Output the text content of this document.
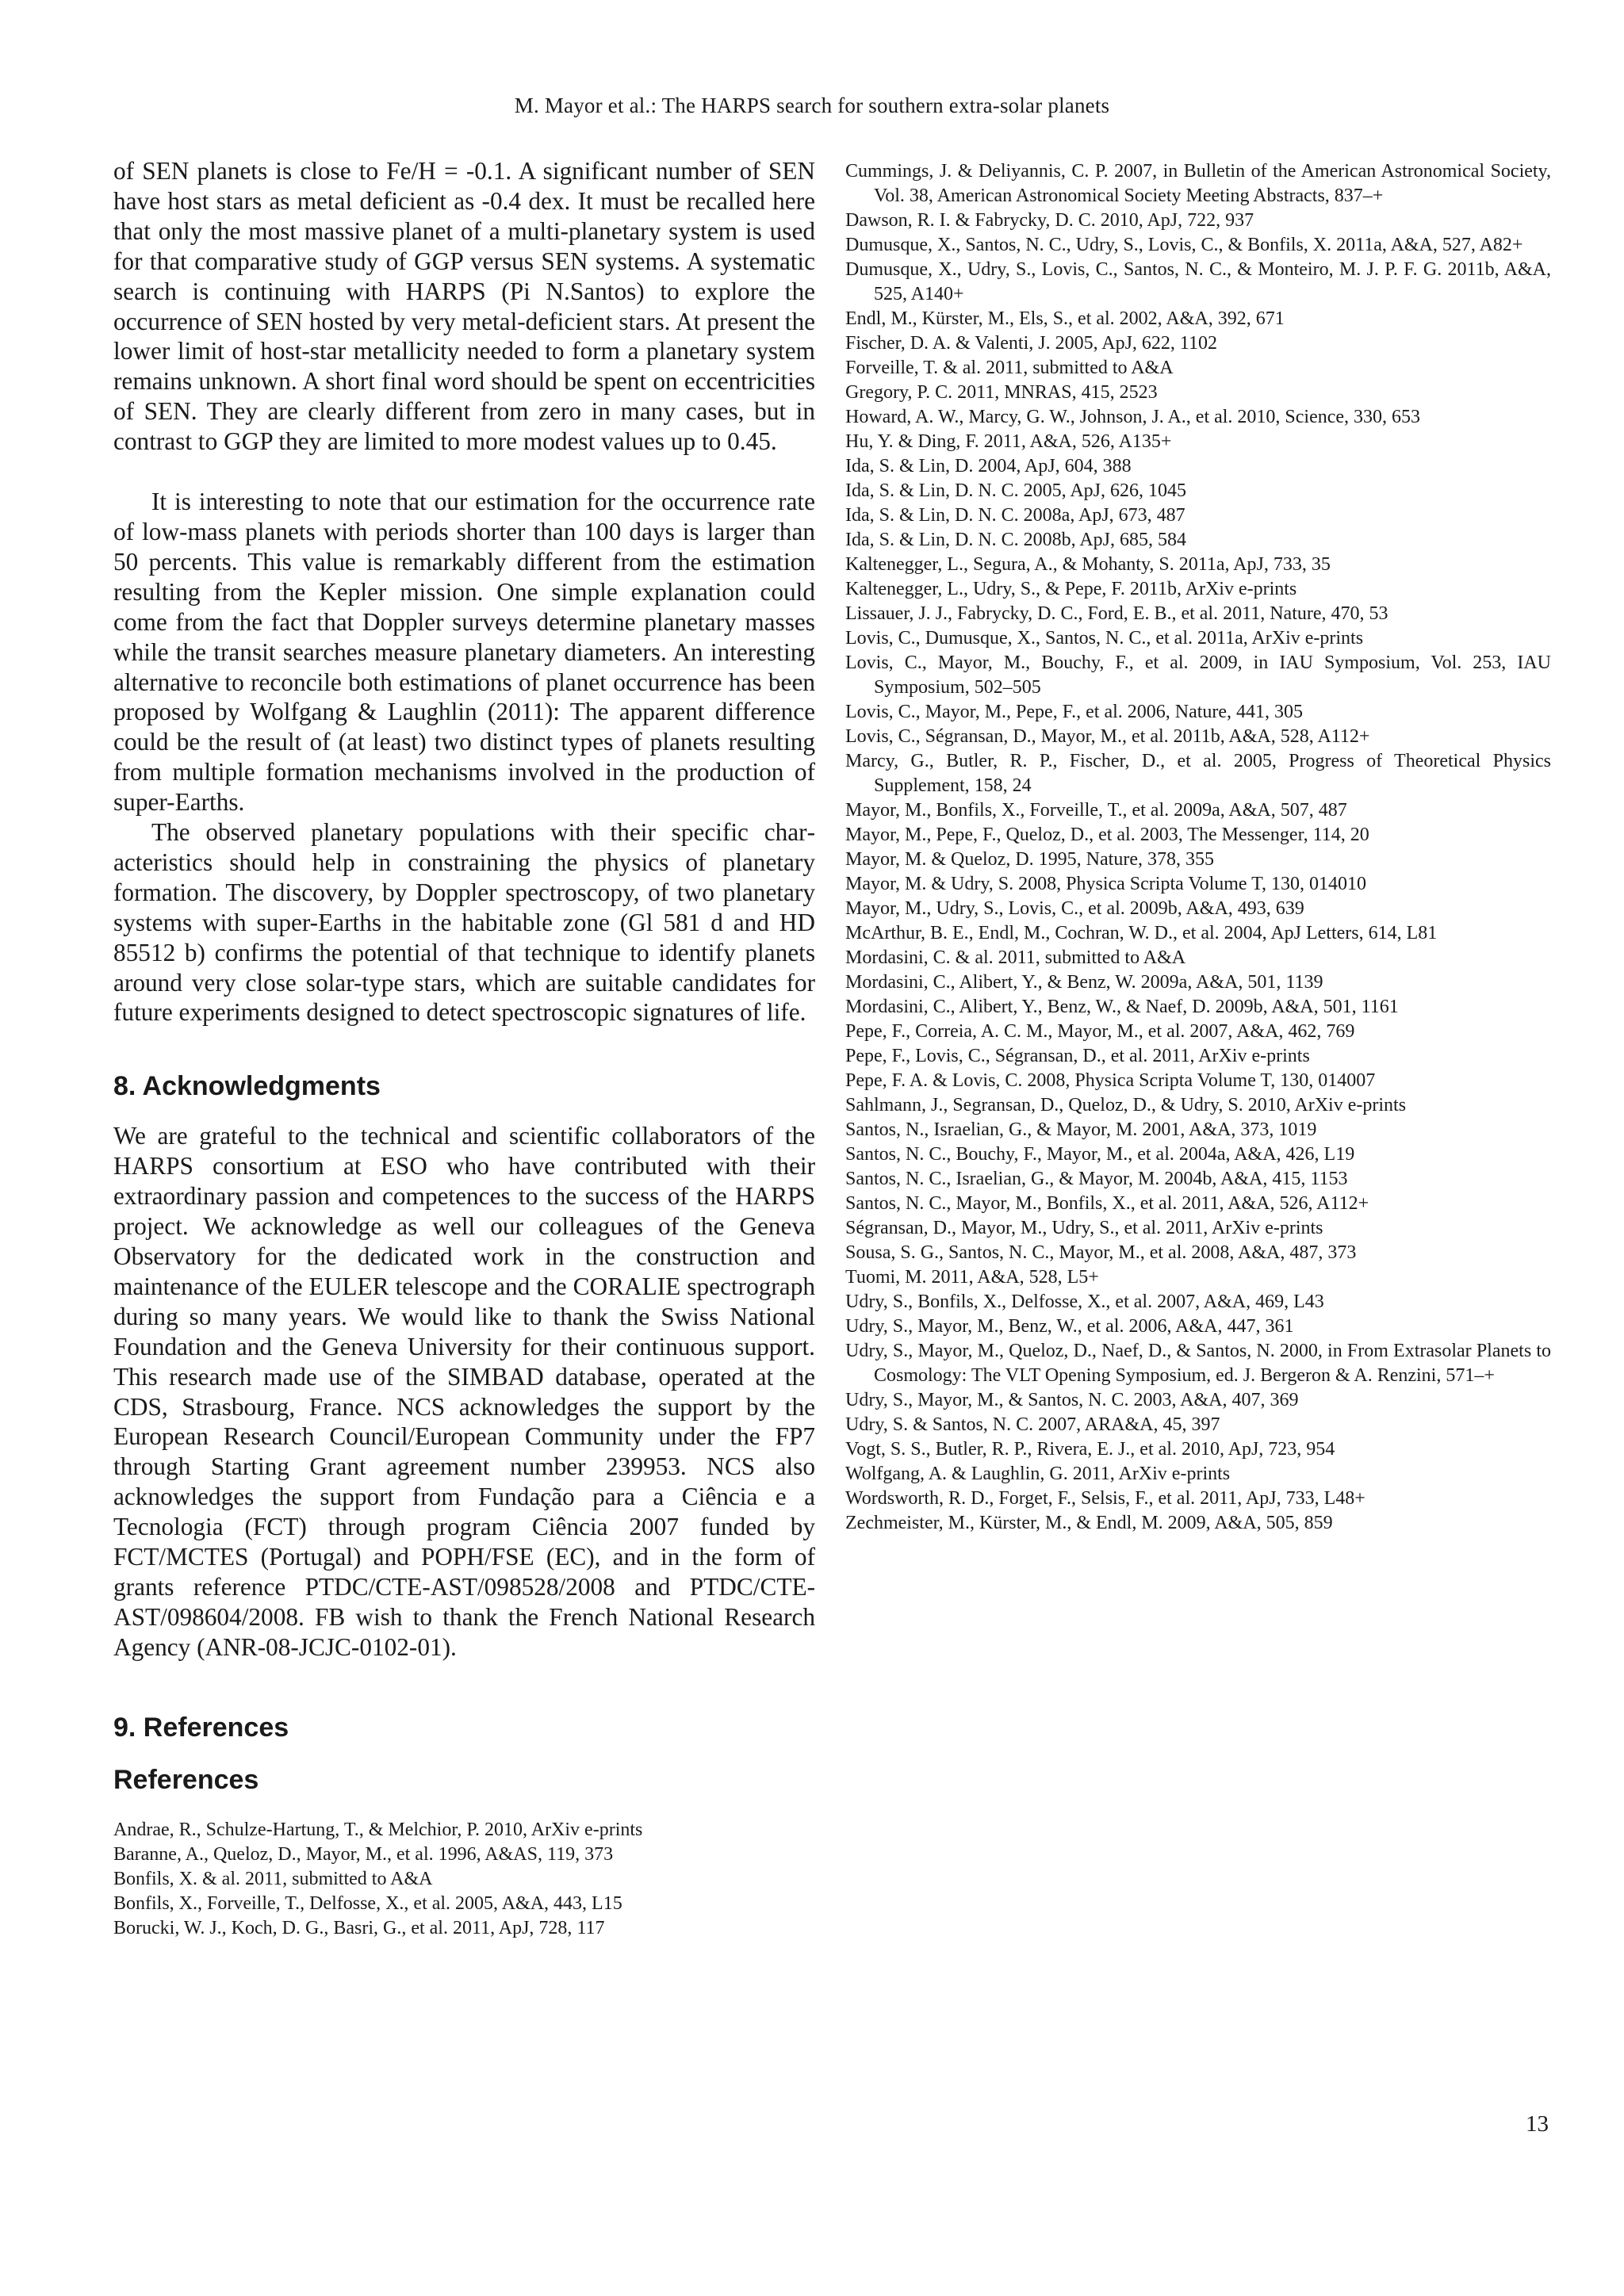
M. Mayor et al.: The HARPS search for southern extra-solar planets

of SEN planets is close to Fe/H = -0.1. A significant number of SEN have host stars as metal deficient as -0.4 dex. It must be recalled here that only the most massive planet of a multi-planetary system is used for that comparative study of GGP versus SEN systems. A systematic search is continuing with HARPS (Pi N.Santos) to explore the occurrence of SEN hosted by very metal-deficient stars. At present the lower limit of host-star metallicity needed to form a planetary system remains unknown. A short final word should be spent on eccentricities of SEN. They are clearly different from zero in many cases, but in contrast to GGP they are limited to more modest values up to 0.45.

It is interesting to note that our estimation for the occurrence rate of low-mass planets with periods shorter than 100 days is larger than 50 percents. This value is remarkably different from the estimation resulting from the Kepler mission. One simple explanation could come from the fact that Doppler surveys determine planetary masses while the transit searches measure planetary diameters. An interesting alternative to reconcile both estimations of planet occurrence has been proposed by Wolfgang & Laughlin (2011): The apparent difference could be the result of (at least) two distinct types of planets resulting from multiple formation mechanisms involved in the production of super-Earths.

The observed planetary populations with their specific characteristics should help in constraining the physics of planetary formation. The discovery, by Doppler spectroscopy, of two planetary systems with super-Earths in the habitable zone (Gl 581 d and HD 85512 b) confirms the potential of that technique to identify planets around very close solar-type stars, which are suitable candidates for future experiments designed to detect spectroscopic signatures of life.

8. Acknowledgments

We are grateful to the technical and scientific collaborators of the HARPS consortium at ESO who have contributed with their extraordinary passion and competences to the success of the HARPS project. We acknowledge as well our colleagues of the Geneva Observatory for the dedicated work in the construction and maintenance of the EULER telescope and the CORALIE spectrograph during so many years. We would like to thank the Swiss National Foundation and the Geneva University for their continuous support. This research made use of the SIMBAD database, operated at the CDS, Strasbourg, France. NCS acknowledges the support by the European Research Council/European Community under the FP7 through Starting Grant agreement number 239953. NCS also acknowledges the support from Fundação para a Ciência e a Tecnologia (FCT) through program Ciência 2007 funded by FCT/MCTES (Portugal) and POPH/FSE (EC), and in the form of grants reference PTDC/CTE-AST/098528/2008 and PTDC/CTE-AST/098604/2008. FB wish to thank the French National Research Agency (ANR-08-JCJC-0102-01).

9. References
References
Andrae, R., Schulze-Hartung, T., & Melchior, P. 2010, ArXiv e-prints
Baranne, A., Queloz, D., Mayor, M., et al. 1996, A&AS, 119, 373
Bonfils, X. & al. 2011, submitted to A&A
Bonfils, X., Forveille, T., Delfosse, X., et al. 2005, A&A, 443, L15
Borucki, W. J., Koch, D. G., Basri, G., et al. 2011, ApJ, 728, 117
Cummings, J. & Deliyannis, C. P. 2007, in Bulletin of the American Astronomical Society, Vol. 38, American Astronomical Society Meeting Abstracts, 837–+
Dawson, R. I. & Fabrycky, D. C. 2010, ApJ, 722, 937
Dumusque, X., Santos, N. C., Udry, S., Lovis, C., & Bonfils, X. 2011a, A&A, 527, A82+
Dumusque, X., Udry, S., Lovis, C., Santos, N. C., & Monteiro, M. J. P. F. G. 2011b, A&A, 525, A140+
Endl, M., Kürster, M., Els, S., et al. 2002, A&A, 392, 671
Fischer, D. A. & Valenti, J. 2005, ApJ, 622, 1102
Forveille, T. & al. 2011, submitted to A&A
Gregory, P. C. 2011, MNRAS, 415, 2523
Howard, A. W., Marcy, G. W., Johnson, J. A., et al. 2010, Science, 330, 653
Hu, Y. & Ding, F. 2011, A&A, 526, A135+
Ida, S. & Lin, D. 2004, ApJ, 604, 388
Ida, S. & Lin, D. N. C. 2005, ApJ, 626, 1045
Ida, S. & Lin, D. N. C. 2008a, ApJ, 673, 487
Ida, S. & Lin, D. N. C. 2008b, ApJ, 685, 584
Kaltenegger, L., Segura, A., & Mohanty, S. 2011a, ApJ, 733, 35
Kaltenegger, L., Udry, S., & Pepe, F. 2011b, ArXiv e-prints
Lissauer, J. J., Fabrycky, D. C., Ford, E. B., et al. 2011, Nature, 470, 53
Lovis, C., Dumusque, X., Santos, N. C., et al. 2011a, ArXiv e-prints
Lovis, C., Mayor, M., Bouchy, F., et al. 2009, in IAU Symposium, Vol. 253, IAU Symposium, 502–505
Lovis, C., Mayor, M., Pepe, F., et al. 2006, Nature, 441, 305
Lovis, C., Ségransan, D., Mayor, M., et al. 2011b, A&A, 528, A112+
Marcy, G., Butler, R. P., Fischer, D., et al. 2005, Progress of Theoretical Physics Supplement, 158, 24
Mayor, M., Bonfils, X., Forveille, T., et al. 2009a, A&A, 507, 487
Mayor, M., Pepe, F., Queloz, D., et al. 2003, The Messenger, 114, 20
Mayor, M. & Queloz, D. 1995, Nature, 378, 355
Mayor, M. & Udry, S. 2008, Physica Scripta Volume T, 130, 014010
Mayor, M., Udry, S., Lovis, C., et al. 2009b, A&A, 493, 639
McArthur, B. E., Endl, M., Cochran, W. D., et al. 2004, ApJ Letters, 614, L81
Mordasini, C. & al. 2011, submitted to A&A
Mordasini, C., Alibert, Y., & Benz, W. 2009a, A&A, 501, 1139
Mordasini, C., Alibert, Y., Benz, W., & Naef, D. 2009b, A&A, 501, 1161
Pepe, F., Correia, A. C. M., Mayor, M., et al. 2007, A&A, 462, 769
Pepe, F., Lovis, C., Ségransan, D., et al. 2011, ArXiv e-prints
Pepe, F. A. & Lovis, C. 2008, Physica Scripta Volume T, 130, 014007
Sahlmann, J., Segransan, D., Queloz, D., & Udry, S. 2010, ArXiv e-prints
Santos, N., Israelian, G., & Mayor, M. 2001, A&A, 373, 1019
Santos, N. C., Bouchy, F., Mayor, M., et al. 2004a, A&A, 426, L19
Santos, N. C., Israelian, G., & Mayor, M. 2004b, A&A, 415, 1153
Santos, N. C., Mayor, M., Bonfils, X., et al. 2011, A&A, 526, A112+
Ségransan, D., Mayor, M., Udry, S., et al. 2011, ArXiv e-prints
Sousa, S. G., Santos, N. C., Mayor, M., et al. 2008, A&A, 487, 373
Tuomi, M. 2011, A&A, 528, L5+
Udry, S., Bonfils, X., Delfosse, X., et al. 2007, A&A, 469, L43
Udry, S., Mayor, M., Benz, W., et al. 2006, A&A, 447, 361
Udry, S., Mayor, M., Queloz, D., Naef, D., & Santos, N. 2000, in From Extrasolar Planets to Cosmology: The VLT Opening Symposium, ed. J. Bergeron & A. Renzini, 571–+
Udry, S., Mayor, M., & Santos, N. C. 2003, A&A, 407, 369
Udry, S. & Santos, N. C. 2007, ARA&A, 45, 397
Vogt, S. S., Butler, R. P., Rivera, E. J., et al. 2010, ApJ, 723, 954
Wolfgang, A. & Laughlin, G. 2011, ArXiv e-prints
Wordsworth, R. D., Forget, F., Selsis, F., et al. 2011, ApJ, 733, L48+
Zechmeister, M., Kürster, M., & Endl, M. 2009, A&A, 505, 859
13
